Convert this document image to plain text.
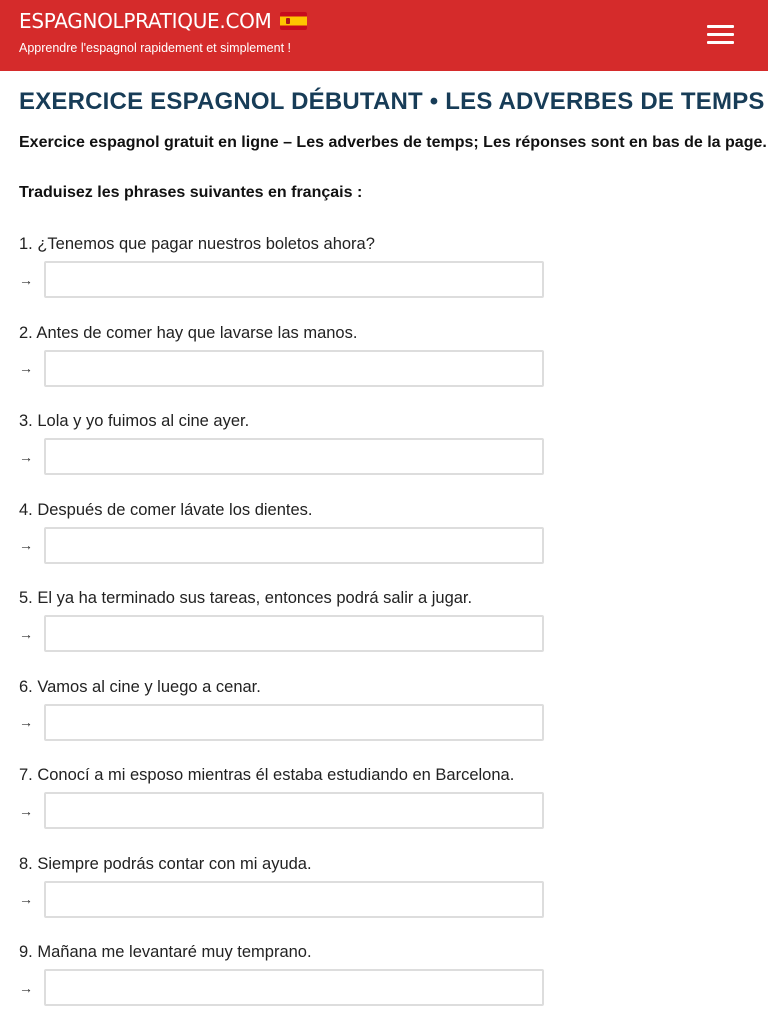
ESPAGNOLPRATIQUE.COM
Apprendre l'espagnol rapidement et simplement !
EXERCICE ESPAGNOL DÉBUTANT • LES ADVERBES DE TEMPS

Exercice espagnol gratuit en ligne – Les adverbes de temps; Les réponses sont en bas de la page.

Traduisez les phrases suivantes en français :

1. ¿Tenemos que pagar nuestros boletos ahora?
→
2. Antes de comer hay que lavarse las manos.
→
3. Lola y yo fuimos al cine ayer.
→
4. Después de comer lávate los dientes.
→
5. El ya ha terminado sus tareas, entonces podrá salir a jugar.
→
6. Vamos al cine y luego a cenar.
→
7. Conocí a mi esposo mientras él estaba estudiando en Barcelona.
→
8. Siempre podrás contar con mi ayuda.
→
9. Mañana me levantaré muy temprano.
→
